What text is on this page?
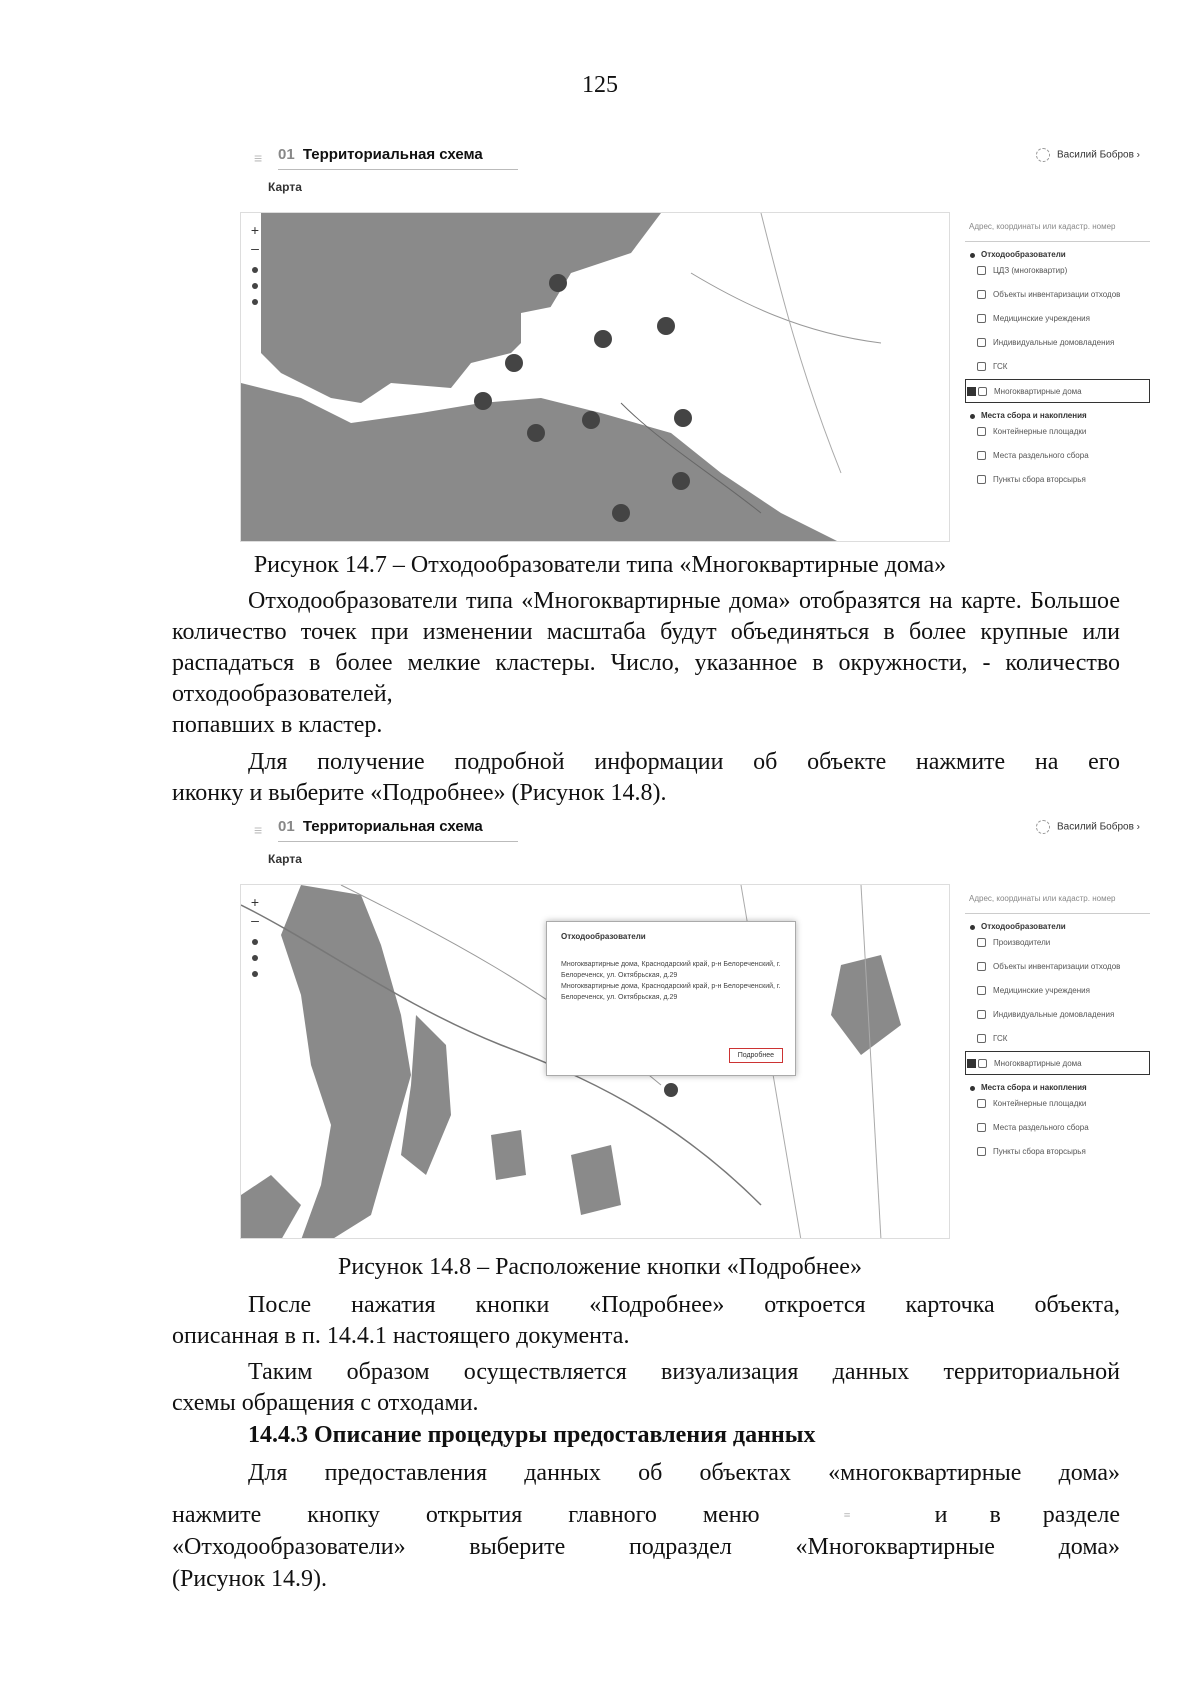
125
≡ 01 Территориальная схема	Василий Бобров ›
Карта
+
–
Адрес, координаты или кадастр. номер
Отходообразователи
ЦДЗ (многоквартир)
Объекты инвентаризации отходов
Медицинские учреждения
Индивидуальные домовладения
ГСК
Многоквартирные дома
Места сбора и накопления
Контейнерные площадки
Места раздельного сбора
Пункты сбора вторсырья
Рисунок 14.7 – Отходообразователи типа «Многоквартирные дома»
Отходообразователи типа «Многоквартирные дома» отобразятся на карте. Большое количество точек при изменении масштаба будут объединяться в более крупные или распадаться в более мелкие кластеры. Число, указанное в окружности, - количество отходообразователей,
попавших в кластер.
Для получение подробной информации об объекте нажмите на его
иконку и выберите «Подробнее» (Рисунок 14.8).
≡ 01 Территориальная схема	Василий Бобров ›
Карта
+
–
Отходообразователи
Многоквартирные дома, Краснодарский край, р-н Белореченский, г. Белореченск, ул. Октябрьская, д.29
Многоквартирные дома, Краснодарский край, р-н Белореченский, г. Белореченск, ул. Октябрьская, д.29
Подробнее
Адрес, координаты или кадастр. номер
Отходообразователи
Производители
Объекты инвентаризации отходов
Медицинские учреждения
Индивидуальные домовладения
ГСК
Многоквартирные дома
Места сбора и накопления
Контейнерные площадки
Места раздельного сбора
Пункты сбора вторсырья
Рисунок 14.8 – Расположение кнопки «Подробнее»
После нажатия кнопки «Подробнее» откроется карточка объекта,
описанная в п. 14.4.1 настоящего документа.
Таким образом осуществляется визуализация данных территориальной
схемы обращения с отходами.
14.4.3 Описание процедуры предоставления данных
Для предоставления данных об объектах «многоквартирные дома»
нажмите кнопку открытия главного меню	≡	и в разделе
«Отходообразователи» выберите подраздел «Многоквартирные дома»
(Рисунок 14.9).
